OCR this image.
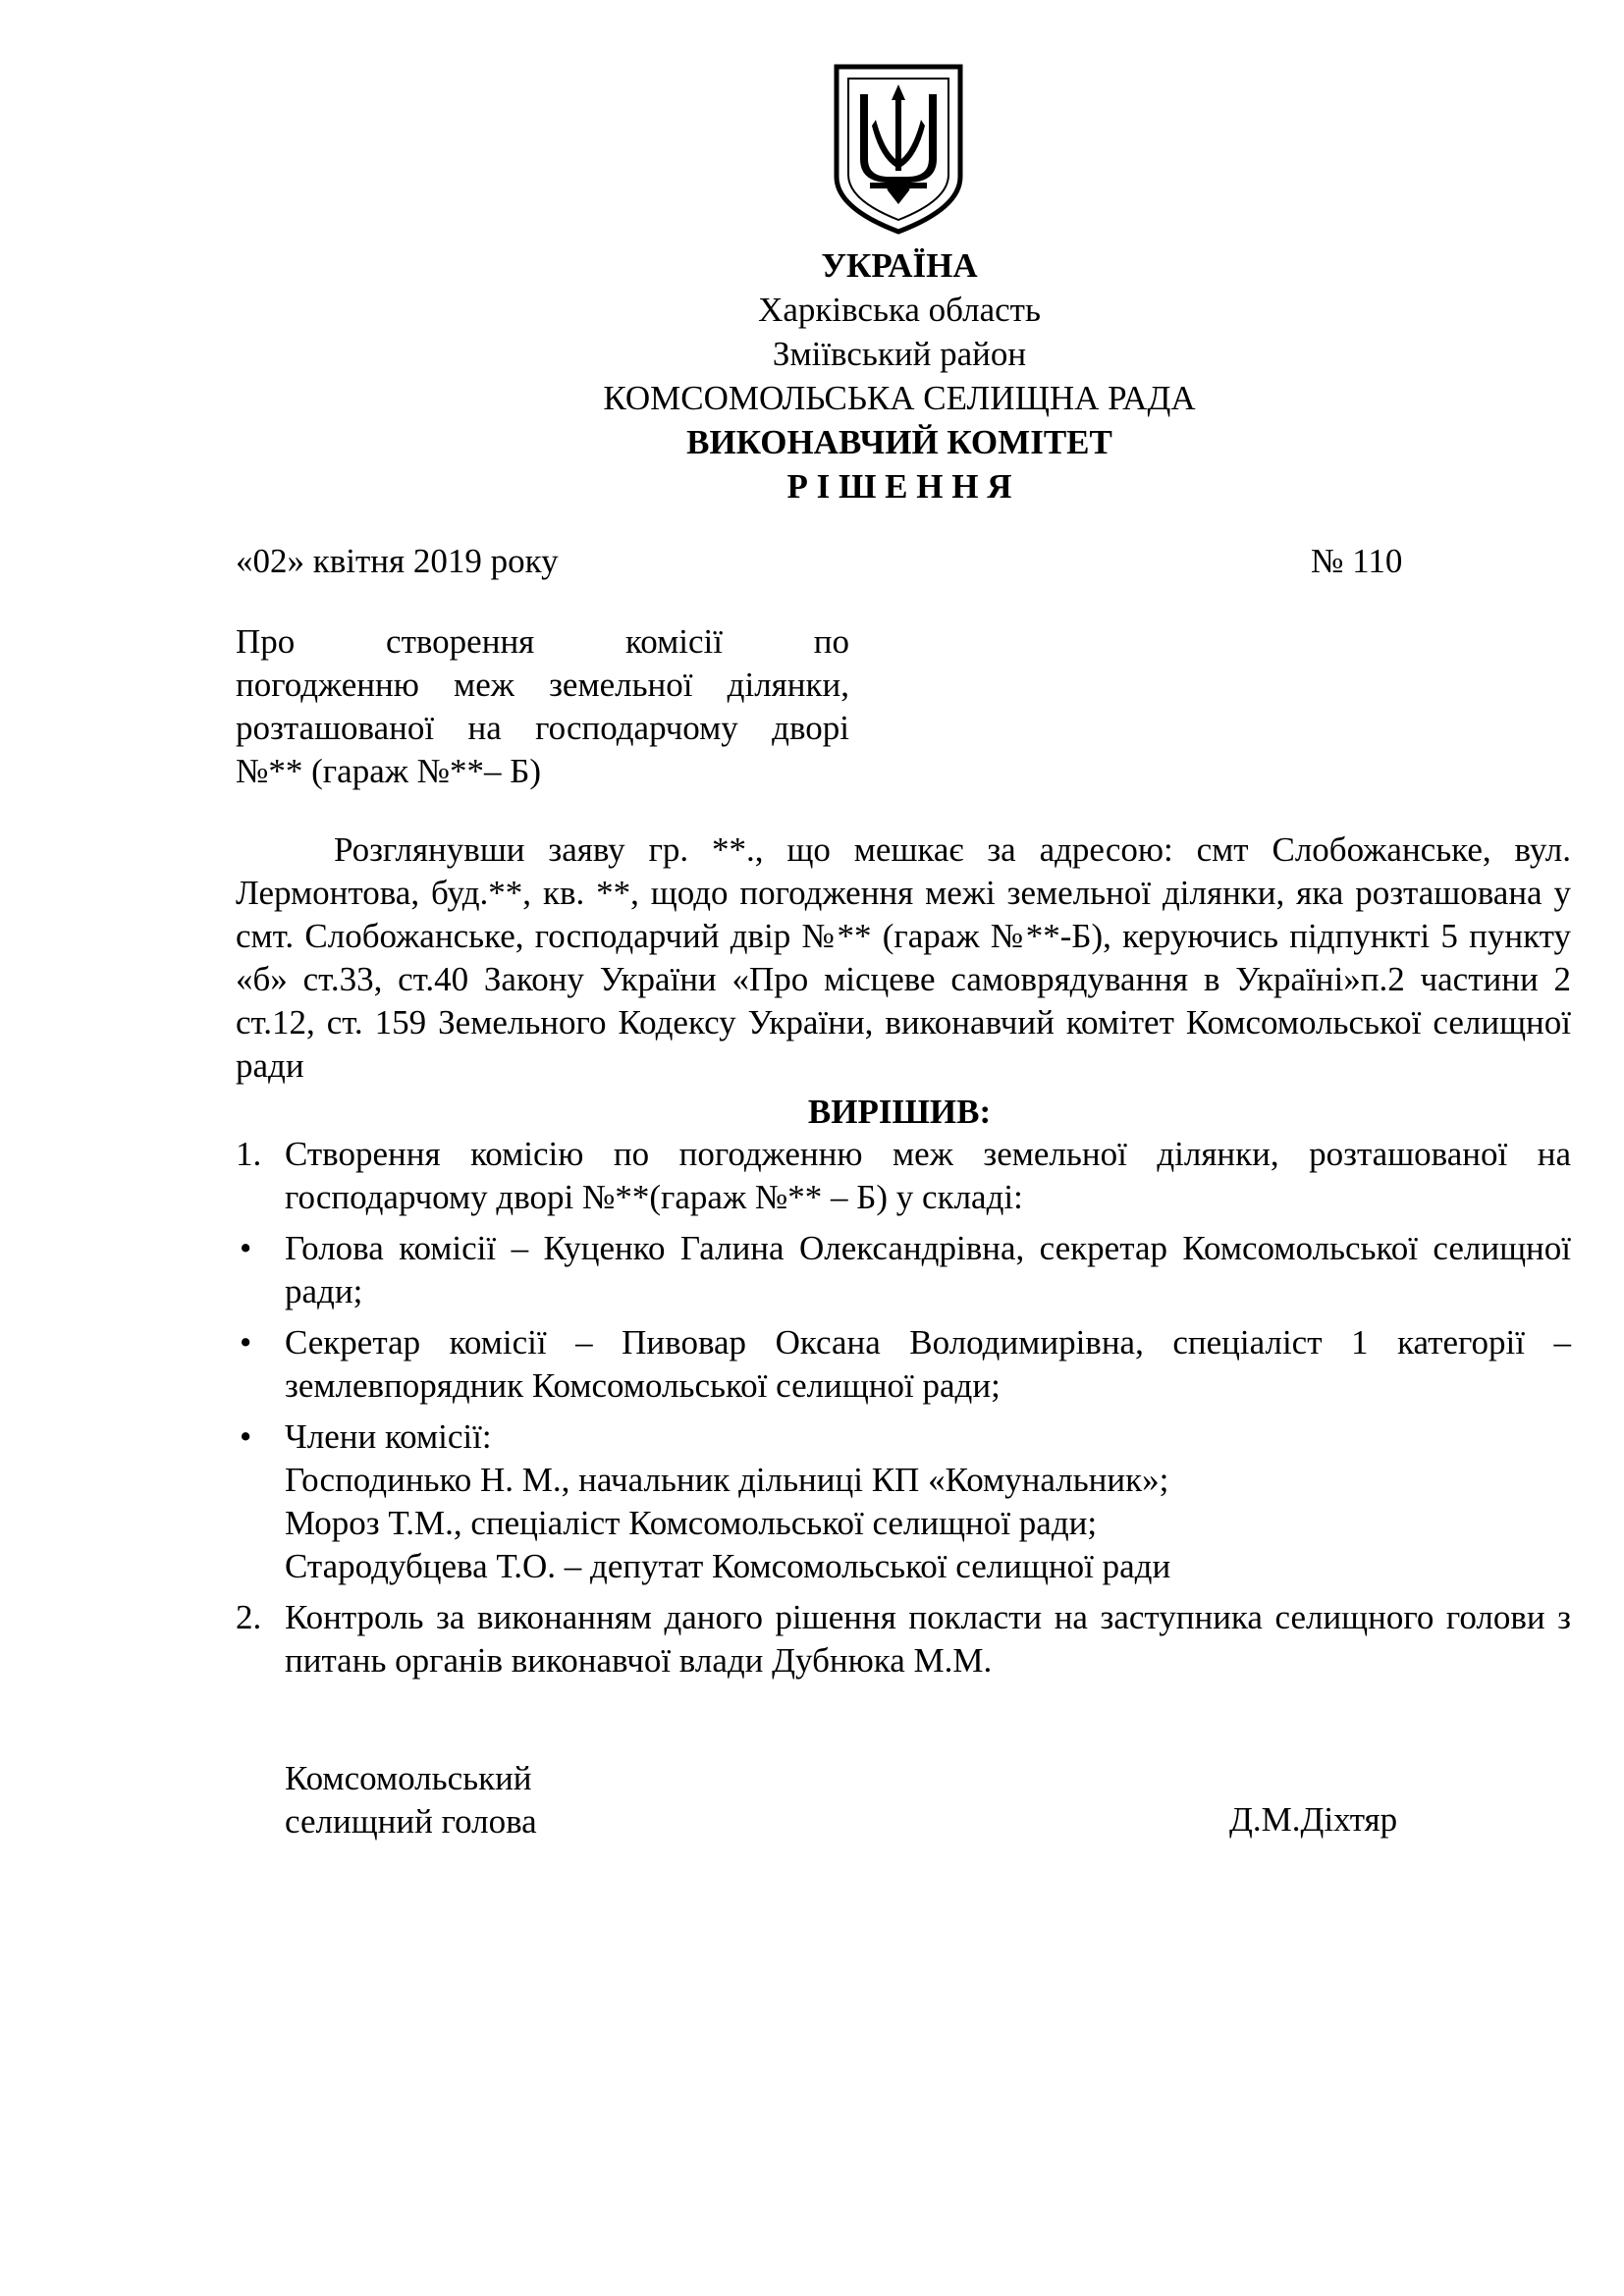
УКРАЇНА
Харківська область
Зміївський район
КОМСОМОЛЬСЬКА СЕЛИЩНА РАДА
ВИКОНАВЧИЙ КОМІТЕТ
Р І Ш Е Н Н Я
«02» квітня 2019 року	№ 110
Про створення комісії по
погодженню меж земельної ділянки,
розташованої на господарчому дворі
№** (гараж №**– Б)
Розглянувши заяву гр. **., що мешкає за адресою: смт Слобожанське, вул. Лермонтова, буд.**, кв. **, щодо погодження межі земельної ділянки, яка розташована у смт. Слобожанське, господарчий двір №** (гараж №**-Б), керуючись підпункті 5 пункту «б» ст.33, ст.40 Закону України «Про місцеве самоврядування в Україні»п.2 частини 2 ст.12, ст. 159 Земельного Кодексу України, виконавчий комітет Комсомольської селищної ради
ВИРІШИВ:
1. Створення комісію по погодженню меж земельної ділянки, розташованої на господарчому дворі №**(гараж №** – Б) у складі:
• Голова комісії – Куценко Галина Олександрівна, секретар Комсомольської селищної ради;
• Секретар комісії – Пивовар Оксана Володимирівна, спеціаліст 1 категорії – землевпорядник Комсомольської селищної ради;
• Члени комісії:
Господинько Н. М., начальник дільниці КП «Комунальник»;
Мороз Т.М., спеціаліст Комсомольської селищної ради;
Стародубцева Т.О. – депутат Комсомольської селищної ради
2. Контроль за виконанням даного рішення покласти на заступника селищного голови з питань органів виконавчої влади Дубнюка М.М.
Комсомольський
селищний голова	Д.М.Діхтяр
